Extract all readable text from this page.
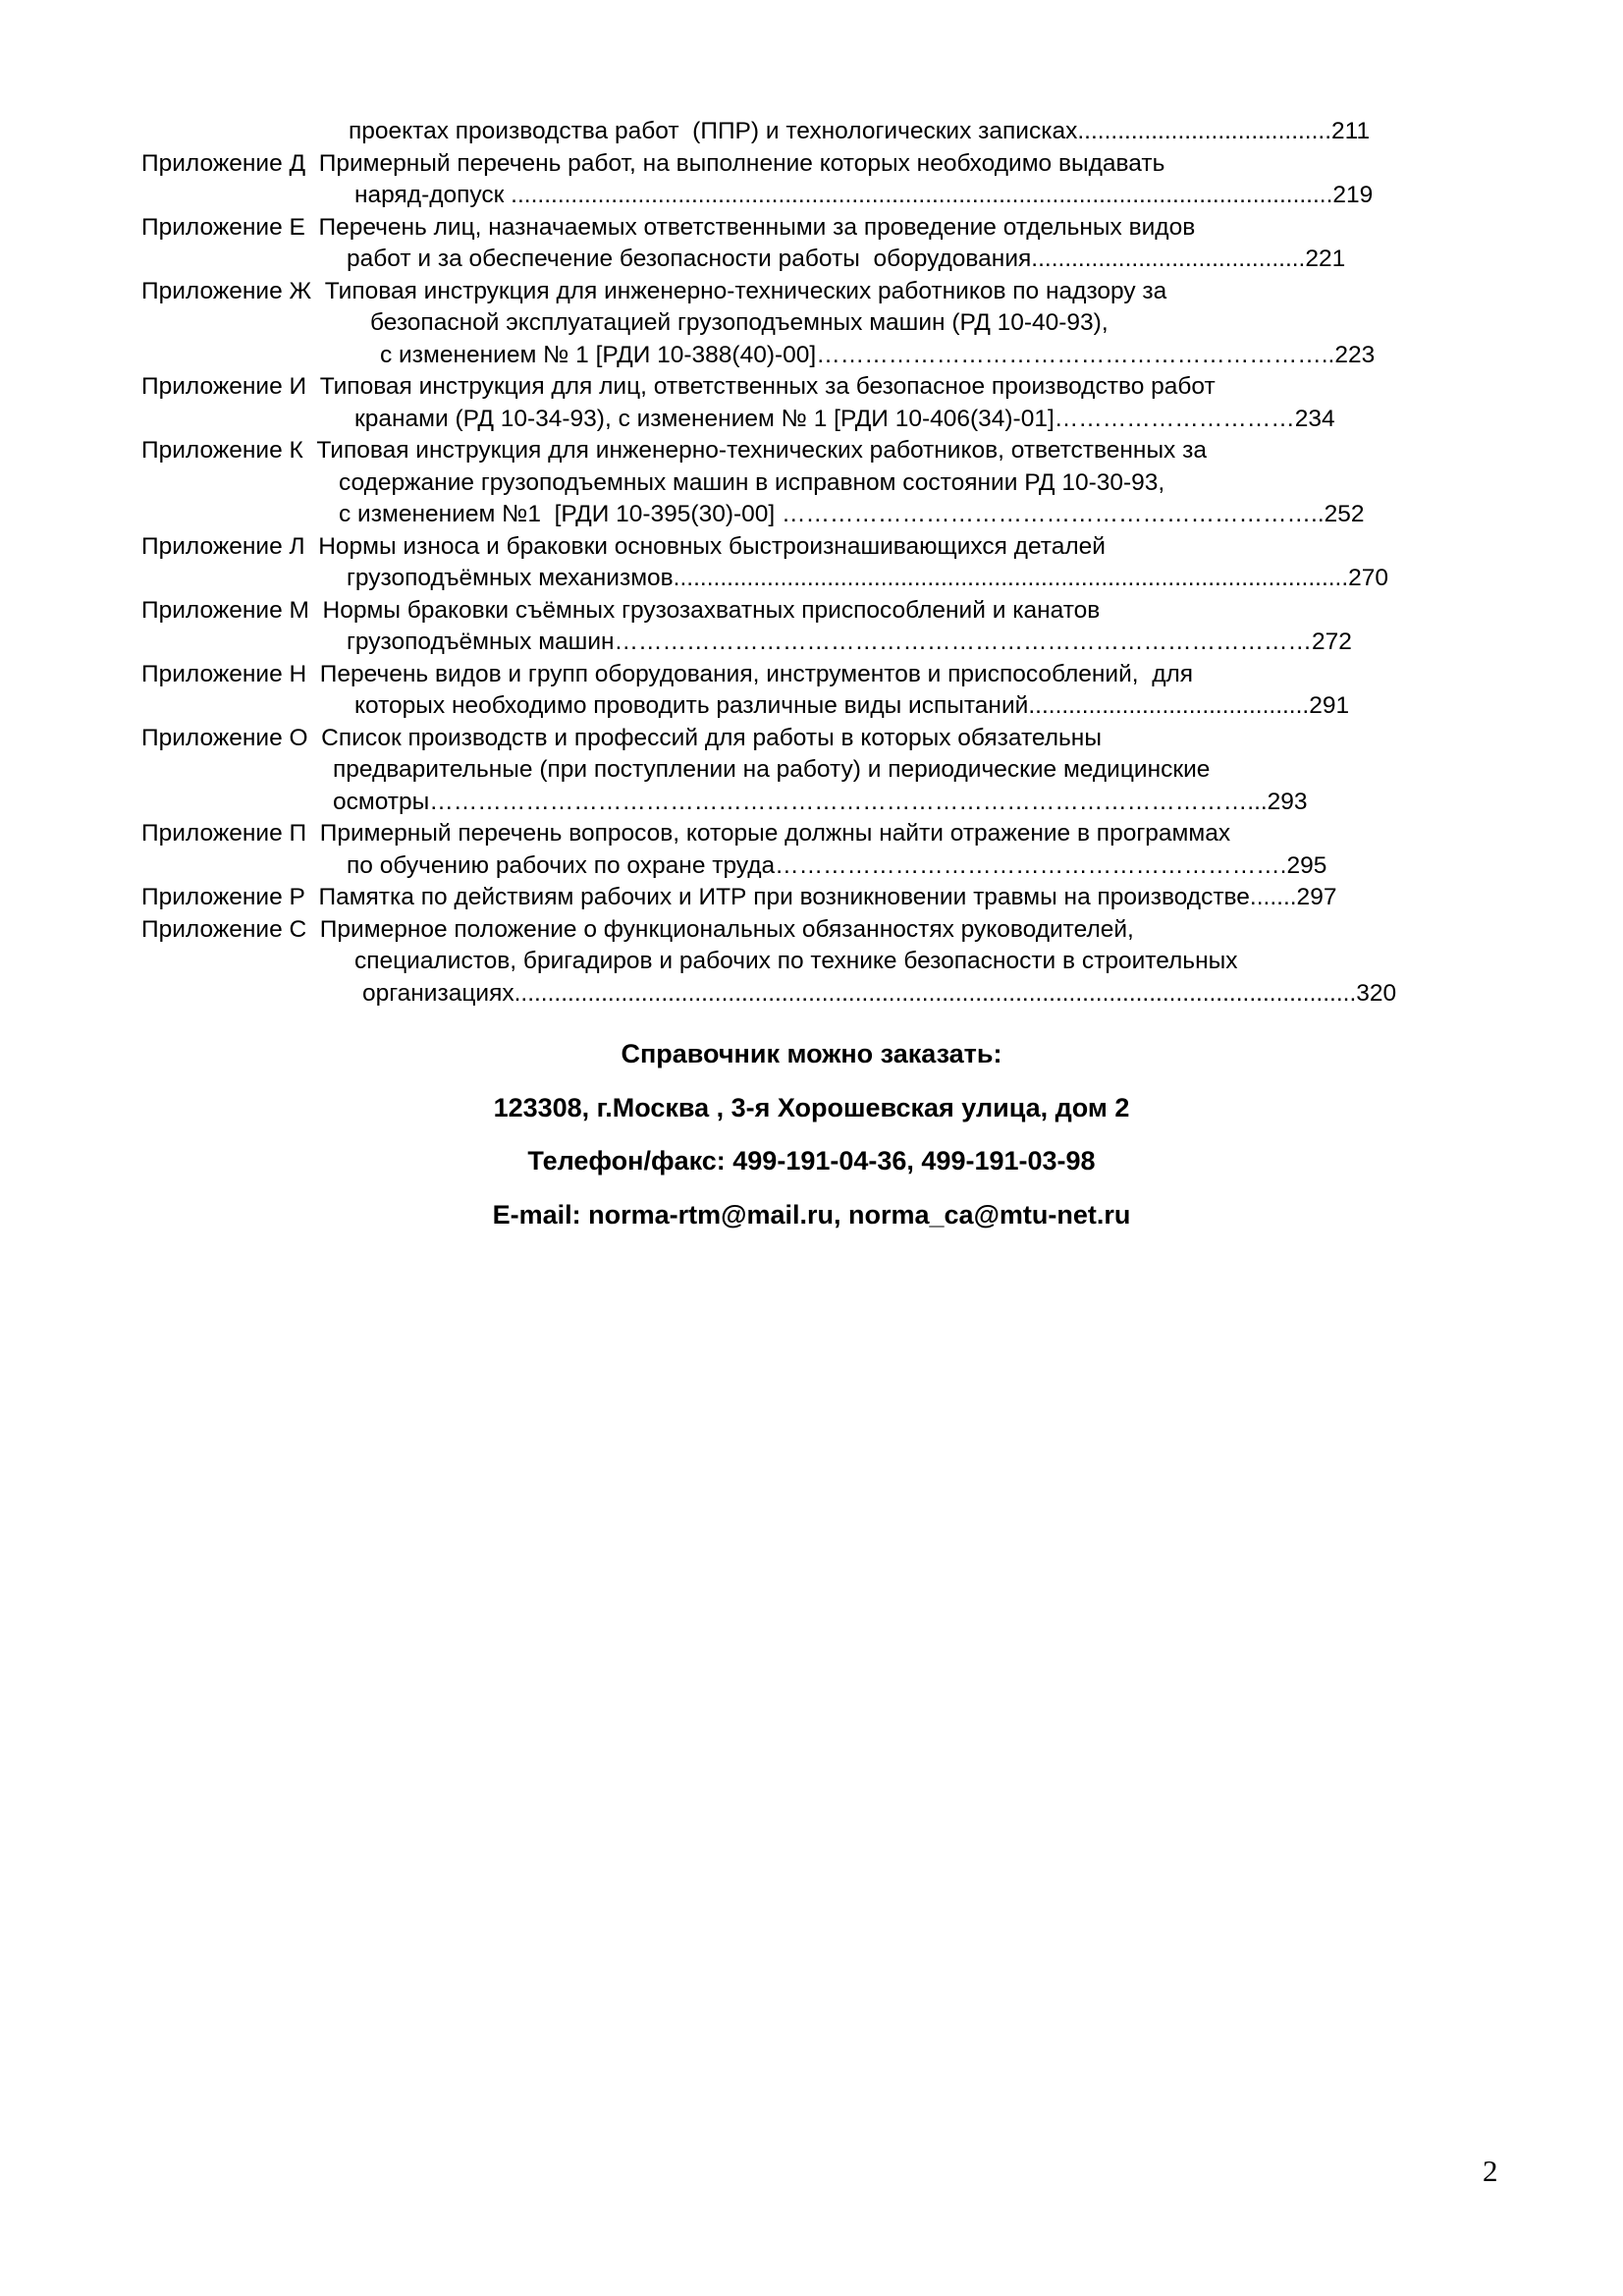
проектах производства работ  (ППР) и технологических записках......................................211
Приложение Д  Примерный перечень работ, на выполнение которых необходимо выдавать
наряд-допуск ...........................................................................................................................219
Приложение Е  Перечень лиц, назначаемых ответственными за проведение отдельных видов
работ и за обеспечение безопасности работы  оборудования.........................................221
Приложение Ж  Типовая инструкция для инженерно-технических работников по надзору за
безопасной эксплуатацией грузоподъемных машин (РД 10-40-93),
с изменением № 1 [РДИ 10-388(40)-00]………………………………………………………..223
Приложение И  Типовая инструкция для лиц, ответственных за безопасное производство работ
кранами (РД 10-34-93), с изменением № 1 [РДИ 10-406(34)-01]…………………………234
Приложение К  Типовая инструкция для инженерно-технических работников, ответственных за
содержание грузоподъемных машин в исправном состоянии РД 10-30-93,
с изменением №1  [РДИ 10-395(30)-00] …………………………………………………………..252
Приложение Л  Нормы износа и браковки основных быстроизнашивающихся деталей
грузоподъёмных механизмов.....................................................................................................270
Приложение М  Нормы браковки съёмных грузозахватных приспособлений и канатов
грузоподъёмных машин……………………………………………………………………………272
Приложение Н  Перечень видов и групп оборудования, инструментов и приспособлений,  для
которых необходимо проводить различные виды испытаний..........................................291
Приложение О  Список производств и профессий для работы в которых обязательны
предварительные (при поступлении на работу) и периодические медицинские
осмотры…………………………………………………………………………………………...293
Приложение П  Примерный перечень вопросов, которые должны найти отражение в программах
по обучению рабочих по охране труда……………………………………………………….295
Приложение Р  Памятка по действиям рабочих и ИТР при возникновении травмы на производстве.......297
Приложение С  Примерное положение о функциональных обязанностях руководителей,
специалистов, бригадиров и рабочих по технике безопасности в строительных
организациях..............................................................................................................................320
Справочник можно заказать:
123308, г.Москва , 3-я Хорошевская улица, дом 2
Телефон/факс: 499-191-04-36, 499-191-03-98
E-mail: norma-rtm@mail.ru, norma_ca@mtu-net.ru
2
